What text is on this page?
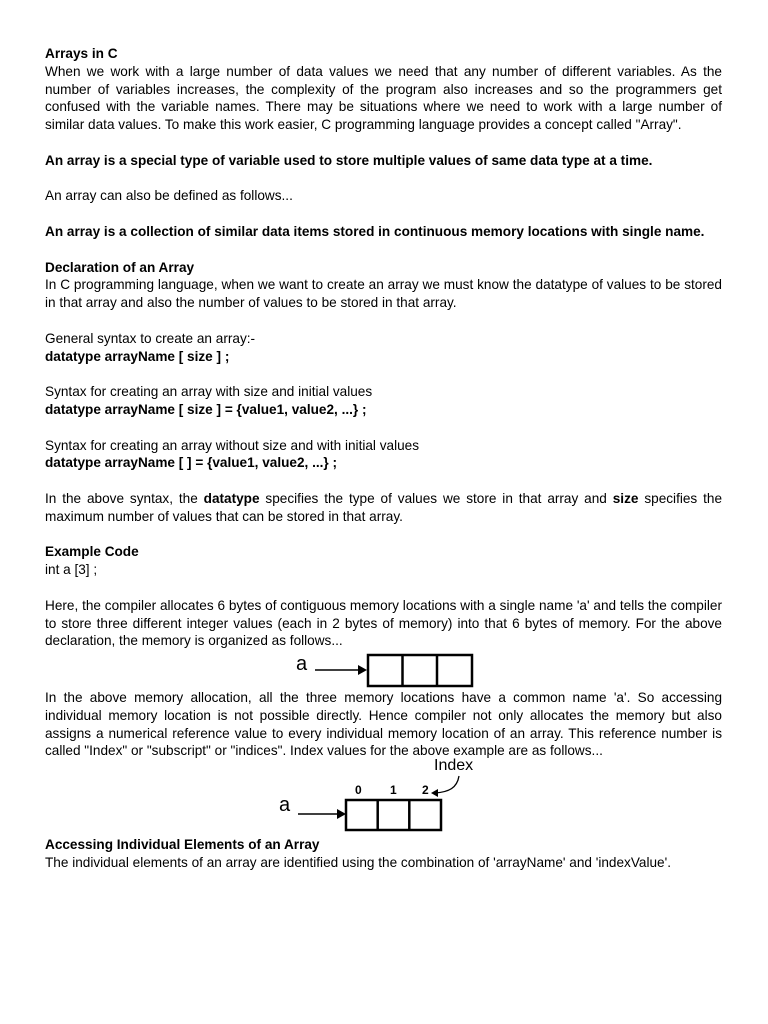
Arrays in C

When we work with a large number of data values we need that any number of different variables. As the number of variables increases, the complexity of the program also increases and so the programmers get confused with the variable names. There may be situations where we need to work with a large number of similar data values. To make this work easier, C programming language provides a concept called "Array".

An array is a special type of variable used to store multiple values of same data type at a time.

An array can also be defined as follows...

An array is a collection of similar data items stored in continuous memory locations with single name.

Declaration of an Array

In C programming language, when we want to create an array we must know the datatype of values to be stored in that array and also the number of values to be stored in that array.

General syntax to create an array:-

datatype arrayName [ size ] ;

Syntax for creating an array with size and initial values

datatype arrayName [ size ] = {value1, value2, ...} ;

Syntax for creating an array without size and with initial values

datatype arrayName [ ] = {value1, value2, ...} ;

In the above syntax, the datatype specifies the type of values we store in that array and size specifies the maximum number of values that can be stored in that array.

Example Code

int a [3] ;

Here, the compiler allocates 6 bytes of contiguous memory locations with a single name 'a' and tells the compiler to store three different integer values (each in 2 bytes of memory) into that 6 bytes of memory. For the above declaration, the memory is organized as follows...

a

In the above memory allocation, all the three memory locations have a common name 'a'. So accessing individual memory location is not possible directly. Hence compiler not only allocates the memory but also assigns a numerical reference value to every individual memory location of an array. This reference number is called "Index" or "subscript" or "indices". Index values for the above example are as follows...

a
Index
0 1 2

Accessing Individual Elements of an Array

The individual elements of an array are identified using the combination of 'arrayName' and 'indexValue'.
